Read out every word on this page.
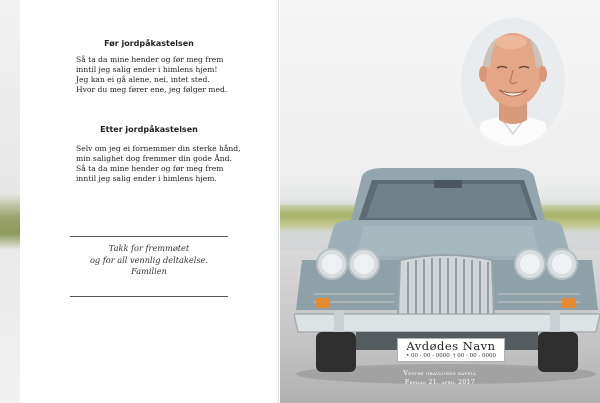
Før jordpåkastelsen
Så ta da mine hender og før meg frem
inntil jeg salig ender i himlens hjem!
Jeg kan ei gå alene, nei, intet sted.
Hvor du meg fører ene, jeg følger med.
Etter jordpåkastelsen
Selv om jeg ei fornemmer din sterke hånd,
min salighet dog fremmer din gode Ånd.
Så ta da mine hender og før meg frem
inntil jeg salig ender i himlens hjem.
Takk for fremmøtet
og for all vennlig deltakelse.
Familien
Avdødes Navn
• 00 - 00 - 0000 † 00 - 00 - 0000
Vestre gravlunds kapell
Fredag 21. april 2017
